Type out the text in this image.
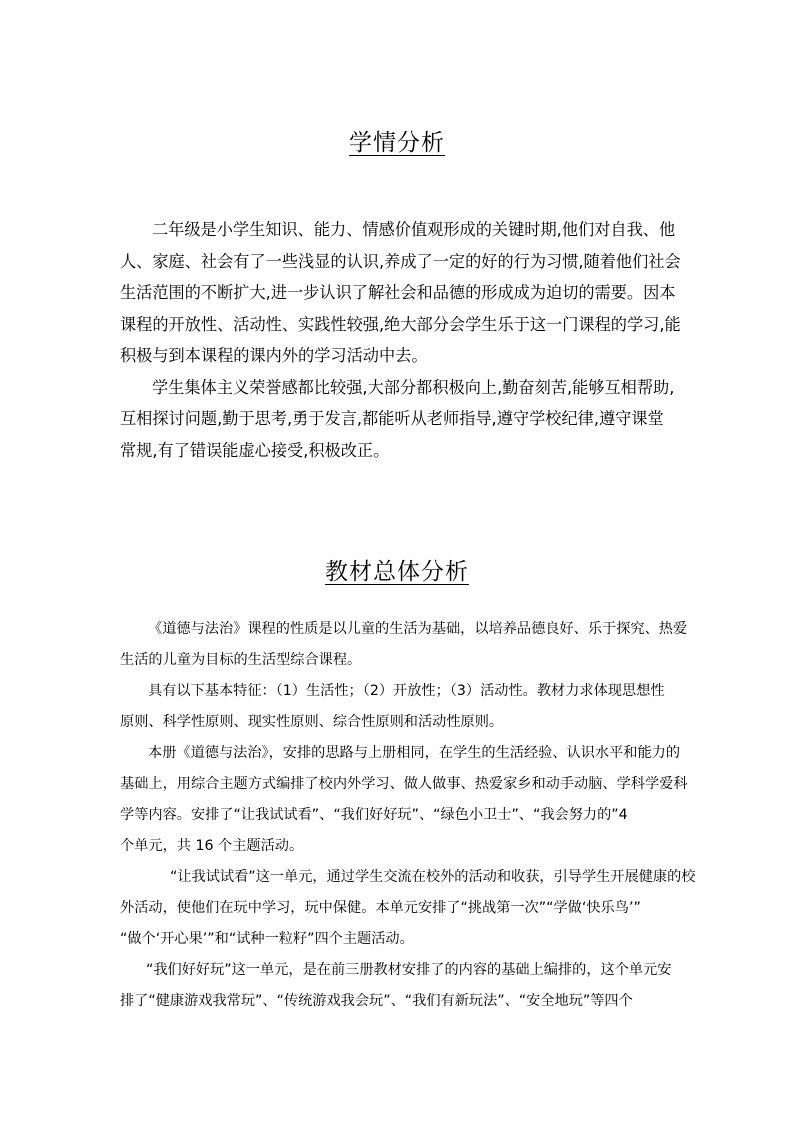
学情分析

二年级是小学生知识、能力、情感价值观形成的关键时期,他们对自我、他
人、家庭、社会有了一些浅显的认识,养成了一定的好的行为习惯,随着他们社会
生活范围的不断扩大,进一步认识了解社会和品德的形成成为迫切的需要。因本
课程的开放性、活动性、实践性较强,绝大部分会学生乐于这一门课程的学习,能
积极与到本课程的课内外的学习活动中去。

学生集体主义荣誉感都比较强,大部分都积极向上,勤奋刻苦,能够互相帮助,
互相探讨问题,勤于思考,勇于发言,都能听从老师指导,遵守学校纪律,遵守课堂
常规,有了错误能虚心接受,积极改正。

教材总体分析

《道德与法治》课程的性质是以儿童的生活为基础，以培养品德良好、乐于探究、热爱
生活的儿童为目标的生活型综合课程。

具有以下基本特征：（1）生活性；（2）开放性；（3）活动性。教材力求体现思想性
原则、科学性原则、现实性原则、综合性原则和活动性原则。

本册《道德与法治》，安排的思路与上册相同，在学生的生活经验、认识水平和能力的
基础上，用综合主题方式编排了校内外学习、做人做事、热爱家乡和动手动脑、学科学爱科
学等内容。安排了“让我试试看”、“我们好好玩”、“绿色小卫士”、“我会努力的”4
个单元，共 16 个主题活动。

“让我试试看”这一单元，通过学生交流在校外的活动和收获，引导学生开展健康的校
外活动，使他们在玩中学习，玩中保健。本单元安排了“挑战第一次”“学做‘快乐鸟’”
“做个‘开心果’”和“试种一粒籽”四个主题活动。

“我们好好玩”这一单元，是在前三册教材安排了的内容的基础上编排的，这个单元安
排了“健康游戏我常玩”、“传统游戏我会玩”、“我们有新玩法”、“安全地玩”等四个
